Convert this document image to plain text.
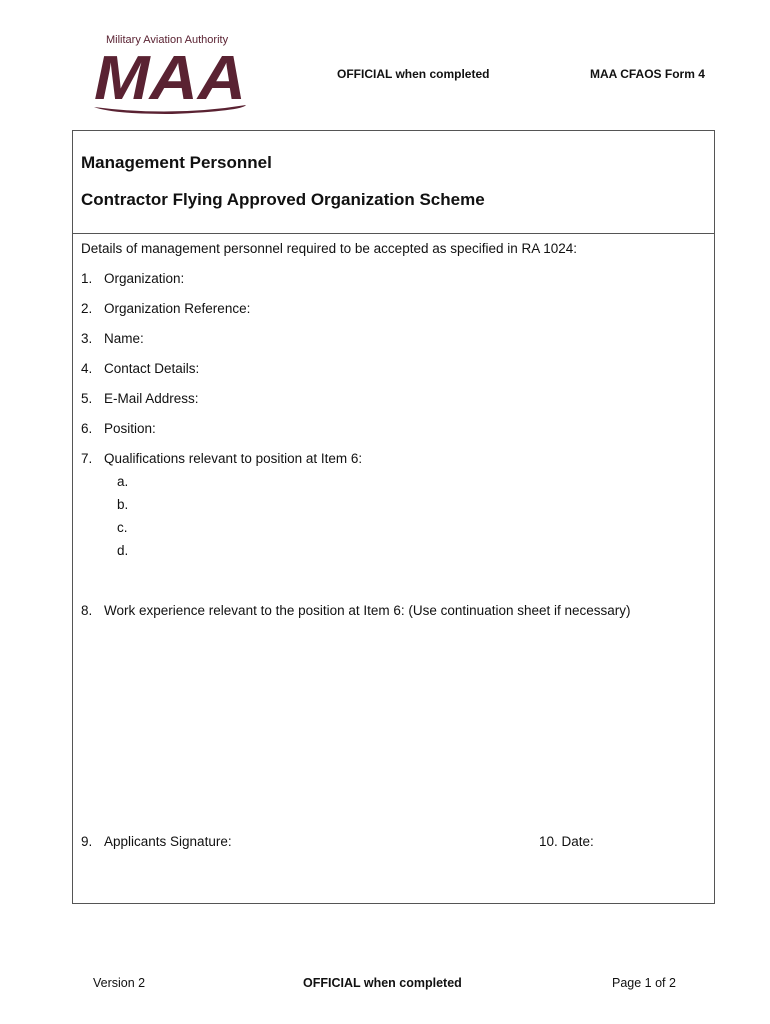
Military Aviation Authority
MAA	OFFICIAL when completed	MAA CFAOS Form 4
Management Personnel
Contractor Flying Approved Organization Scheme
Details of management personnel required to be accepted as specified in RA 1024:
1. Organization:
2. Organization Reference:
3. Name:
4. Contact Details:
5. E-Mail Address:
6. Position:
7. Qualifications relevant to position at Item 6:
a.
b.
c.
d.
8. Work experience relevant to the position at Item 6: (Use continuation sheet if necessary)
9. Applicants Signature:	10. Date:
Version 2	OFFICIAL when completed	Page 1 of 2
